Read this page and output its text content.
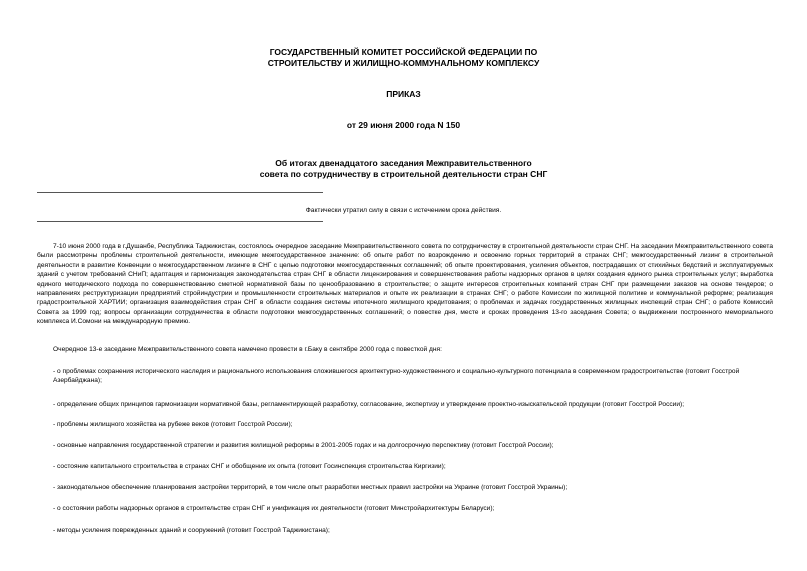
ГОСУДАРСТВЕННЫЙ КОМИТЕТ РОССИЙСКОЙ ФЕДЕРАЦИИ ПО
СТРОИТЕЛЬСТВУ И ЖИЛИЩНО-КОММУНАЛЬНОМУ КОМПЛЕКСУ
ПРИКАЗ
от 29 июня 2000 года N 150
Об итогах двенадцатого заседания Межправительственного
совета по сотрудничеству в строительной деятельности стран СНГ
Фактически утратил силу в связи с истечением срока действия.
7-10 июня 2000 года в г.Душанбе, Республика Таджикистан, состоялось очередное заседание Межправительственного совета по сотрудничеству в строительной деятельности стран СНГ. На заседании Межправительственного совета были рассмотрены проблемы строительной деятельности, имеющие межгосударственное значение: об опыте работ по возрождению и освоению горных территорий в странах СНГ; межгосударственный лизинг в строительной деятельности в развитие Конвенции о межгосударственном лизинге в СНГ с целью подготовки межгосударственных соглашений; об опыте проектирования, усиления объектов, пострадавших от стихийных бедствий и эксплуатируемых зданий с учетом требований СНиП; адаптация и гармонизация законодательства стран СНГ в области лицензирования и совершенствования работы надзорных органов в целях создания единого рынка строительных услуг; выработка единого методического подхода по совершенствованию сметной нормативной базы по ценообразованию в строительстве; о защите интересов строительных компаний стран СНГ при размещении заказов на основе тендеров; о направлениях реструктуризации предприятий стройиндустрии и промышленности строительных материалов и опыте их реализации в странах СНГ; о работе Комиссии по жилищной политике и коммунальной реформе; реализация градостроительной ХАРТИИ; организация взаимодействия стран СНГ в области создания системы ипотечного жилищного кредитования; о проблемах и задачах государственных жилищных инспекций стран СНГ; о работе Комиссий Совета за 1999 год; вопросы организации сотрудничества в области подготовки межгосударственных соглашений; о повестке дня, месте и сроках проведения 13-го заседания Совета; о выдвижении построенного мемориального комплекса И.Сомони на международную премию.
Очередное 13-е заседание Межправительственного совета намечено провести в г.Баку в сентябре 2000 года с повесткой дня:
- о проблемах сохранения исторического наследия и рационального использования сложившегося архитектурно-художественного и социально-культурного потенциала в современном градостроительстве (готовит Госстрой Азербайджана);
- определение общих принципов гармонизации нормативной базы, регламентирующей разработку, согласование, экспертизу и утверждение проектно-изыскательской продукции (готовит Госстрой России);
- проблемы жилищного хозяйства на рубеже веков (готовит Госстрой России);
- основные направления государственной стратегии и развития жилищной реформы в 2001-2005 годах и на долгосрочную перспективу (готовит Госстрой России);
- состояние капитального строительства в странах СНГ и обобщение их опыта (готовит Госинспекция строительства Киргизии);
- законодательное обеспечение планирования застройки территорий, в том числе опыт разработки местных правил застройки на Украине (готовит Госстрой Украины);
- о состоянии работы надзорных органов в строительстве стран СНГ и унификация их деятельности (готовит Минстройархитектуры Беларуси);
- методы усиления поврежденных зданий и сооружений (готовит Госстрой Таджикистана);
